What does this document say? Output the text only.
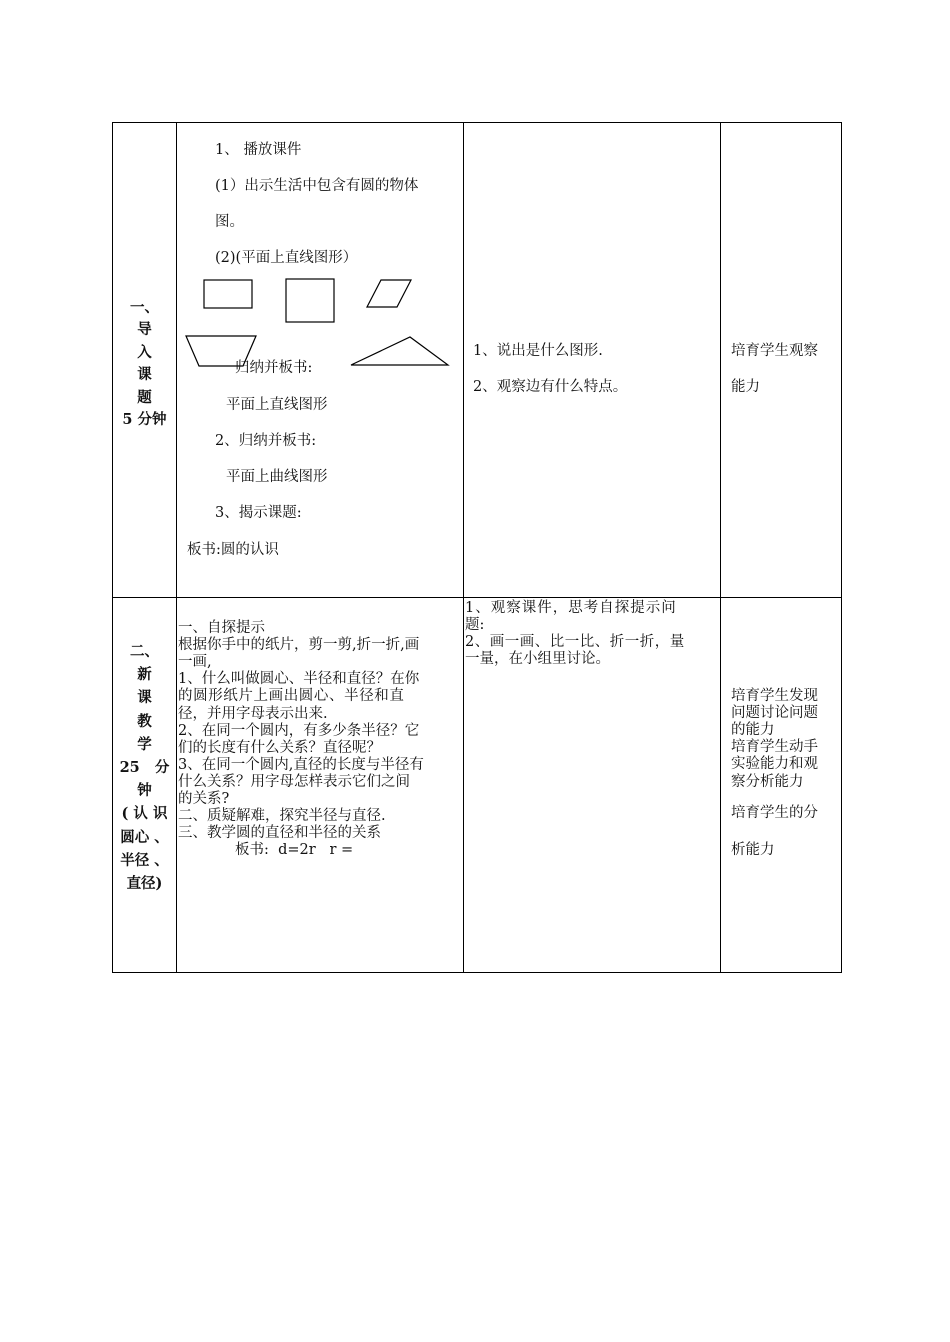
一、
导
入
课
题
5 分钟
1、 播放课件
(1）出示生活中包含有圆的物体
图。
(2)(平面上直线图形）
归纳并板书:
平面上直线图形
2、归纳并板书:
平面上曲线图形
3、揭示课题:
板书:圆的认识
1、说出是什么图形.
2、观察边有什么特点。
培育学生观察
能力
二、
新
课
教
学
25   分
钟
( 认 识
圆心 、
半径 、
直径)
一、自探提示
根据你手中的纸片，剪一剪,折一折,画
一画,
1、什么叫做圆心、半径和直径？在你
的圆形纸片上画出圆心、半径和直
径，并用字母表示出来.
2、在同一个圆内，有多少条半径？它
们的长度有什么关系？直径呢？
3、在同一个圆内,直径的长度与半径有
什么关系？用字母怎样表示它们之间
的关系?
二、质疑解难，探究半径与直径.
三、教学圆的直径和半径的关系
板书:  d=2r   r =
1、观察课件，思考自探提示问
题:
2、画一画、比一比、折一折，量
一量，在小组里讨论。
培育学生发现
问题讨论问题
的能力
培育学生动手
实验能力和观
察分析能力
培育学生的分
析能力
